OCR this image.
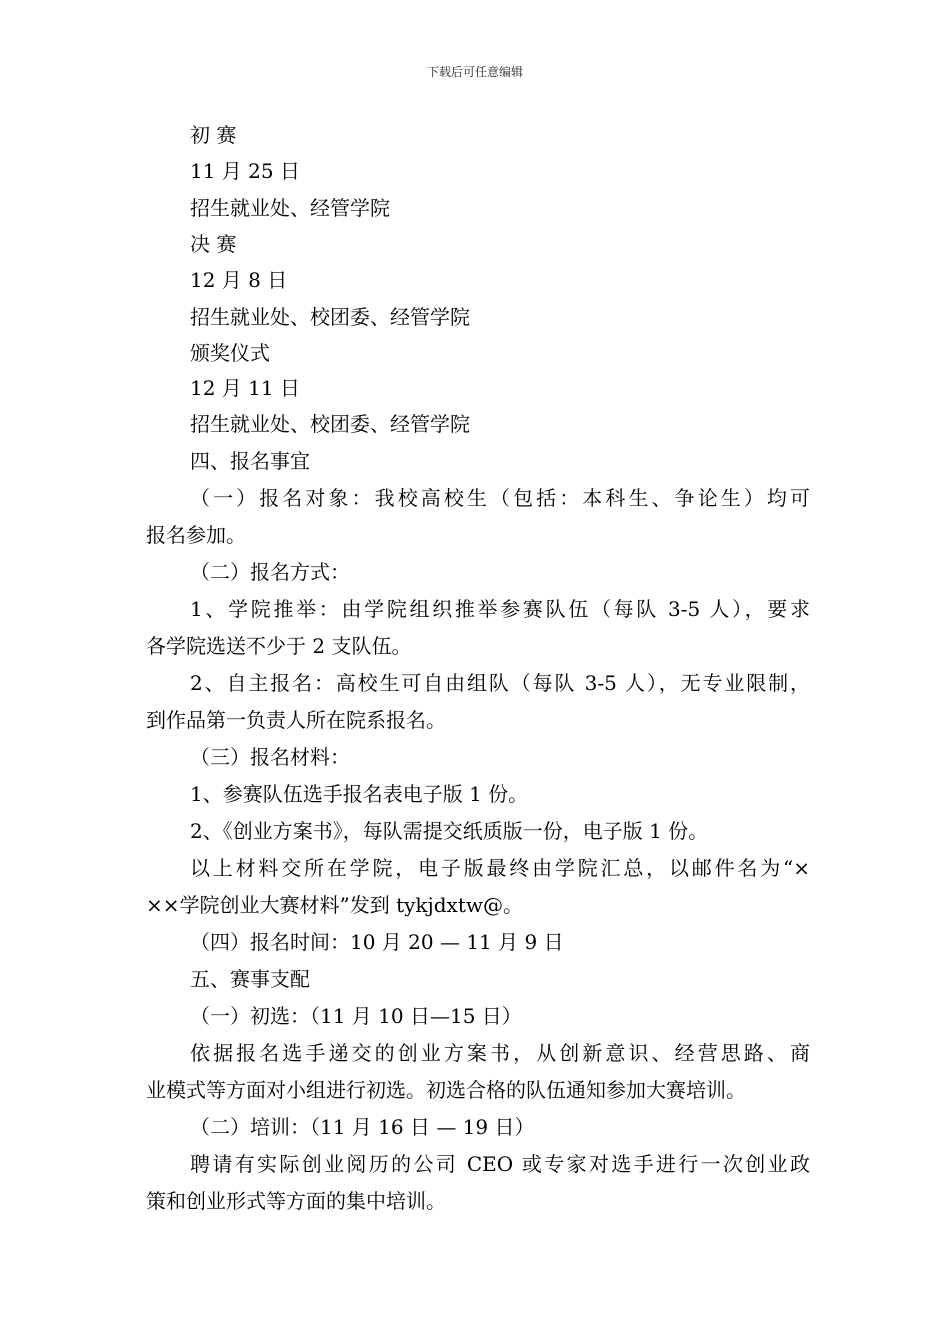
下载后可任意编辑
初 赛
11 月 25 日
招生就业处、经管学院
决 赛
12 月 8 日
招生就业处、校团委、经管学院
颁奖仪式
12 月 11 日
招生就业处、校团委、经管学院
四、报名事宜
（一）报名对象：我校高校生（包括：本科生、争论生）均可
报名参加。
（二）报名方式：
1、学院推举：由学院组织推举参赛队伍（每队 3-5 人），要求
各学院选送不少于 2 支队伍。
2、自主报名：高校生可自由组队（每队 3-5 人），无专业限制，
到作品第一负责人所在院系报名。
（三）报名材料：
1、参赛队伍选手报名表电子版 1 份。
2、《创业方案书》，每队需提交纸质版一份，电子版 1 份。
以上材料交所在学院，电子版最终由学院汇总，以邮件名为“×
××学院创业大赛材料”发到 tykjdxtw@。
（四）报名时间：10 月 20 — 11 月 9 日
五、赛事支配
（一）初选：（11 月 10 日—15 日）
依据报名选手递交的创业方案书，从创新意识、经营思路、商
业模式等方面对小组进行初选。初选合格的队伍通知参加大赛培训。
（二）培训：（11 月 16 日 — 19 日）
聘请有实际创业阅历的公司 CEO 或专家对选手进行一次创业政
策和创业形式等方面的集中培训。
